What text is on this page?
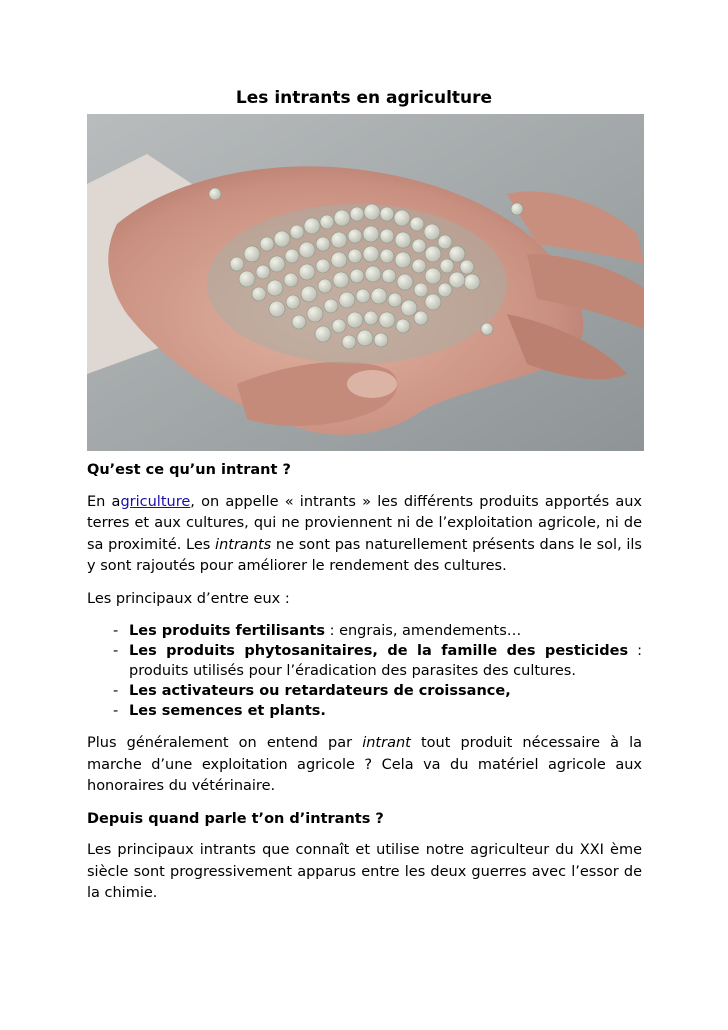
Les intrants en agriculture
Qu’est ce qu’un intrant ?

En agriculture, on appelle « intrants » les différents produits apportés aux terres et aux cultures, qui ne proviennent ni de l’exploitation agricole, ni de sa proximité. Les intrants ne sont pas naturellement présents dans le sol, ils y sont rajoutés pour améliorer le rendement des cultures.

Les principaux d’entre eux :

- Les produits fertilisants : engrais, amendements…
- Les produits phytosanitaires, de la famille des pesticides : produits utilisés pour l’éradication des parasites des cultures.
- Les activateurs ou retardateurs de croissance,
- Les semences et plants.

Plus généralement on entend par intrant tout produit nécessaire à la marche d’une exploitation agricole ? Cela va du matériel agricole aux honoraires du vétérinaire.

Depuis quand parle t’on d’intrants ?

Les principaux intrants que connaît et utilise notre agriculteur du XXI ème siècle sont progressivement apparus entre les deux guerres avec l’essor de la chimie.
